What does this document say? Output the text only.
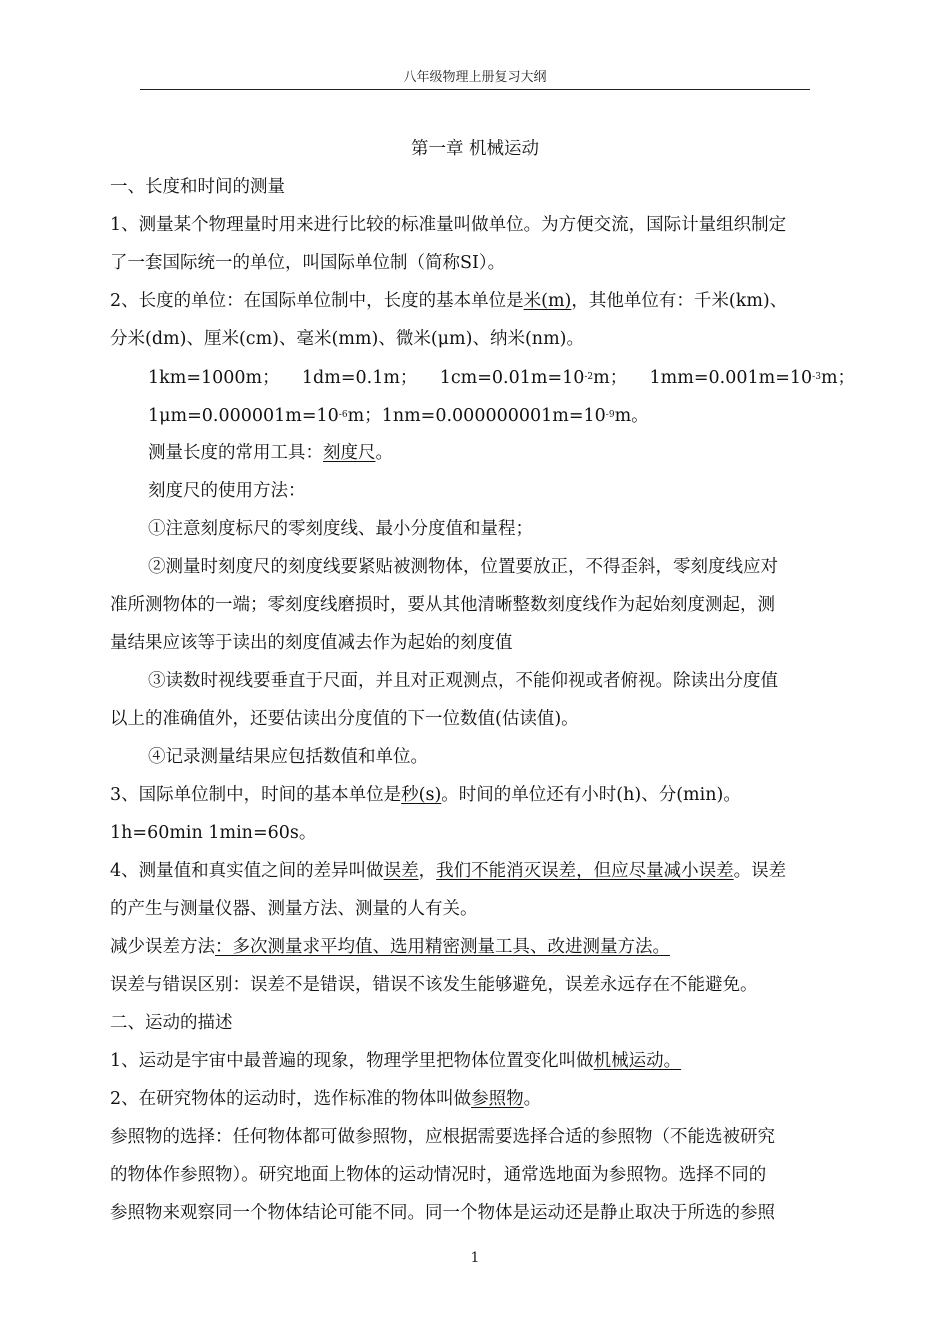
八年级物理上册复习大纲
第一章 机械运动
一、长度和时间的测量
1、测量某个物理量时用来进行比较的标准量叫做单位。为方便交流，国际计量组织制定
了一套国际统一的单位，叫国际单位制（简称SI）。
2、长度的单位：在国际单位制中，长度的基本单位是米(m)，其他单位有：千米(km)、
分米(dm)、厘米(cm)、毫米(mm)、微米(μm)、纳米(nm)。
1km=1000m； 1dm=0.1m； $1cm=0.01m=10^{-2}m$； $1mm=0.001m=10^{-3}m$；
$1\mu m=0.000001m=10^{-6}m$；$1nm=0.000000001m=10^{-9}m$。
测量长度的常用工具：刻度尺。
刻度尺的使用方法：
①注意刻度标尺的零刻度线、最小分度值和量程；
②测量时刻度尺的刻度线要紧贴被测物体，位置要放正，不得歪斜，零刻度线应对
准所测物体的一端；零刻度线磨损时，要从其他清晰整数刻度线作为起始刻度测起，测
量结果应该等于读出的刻度值减去作为起始的刻度值
③读数时视线要垂直于尺面，并且对正观测点，不能仰视或者俯视。除读出分度值
以上的准确值外，还要估读出分度值的下一位数值(估读值)。
④记录测量结果应包括数值和单位。
3、国际单位制中，时间的基本单位是秒(s)。时间的单位还有小时(h)、分(min)。
1h=60min 1min=60s。
4、测量值和真实值之间的差异叫做误差，我们不能消灭误差，但应尽量减小误差。误差
的产生与测量仪器、测量方法、测量的人有关。
减少误差方法：多次测量求平均值、选用精密测量工具、改进测量方法。
误差与错误区别：误差不是错误，错误不该发生能够避免，误差永远存在不能避免。
二、运动的描述
1、运动是宇宙中最普遍的现象，物理学里把物体位置变化叫做机械运动。
2、在研究物体的运动时，选作标准的物体叫做参照物。
参照物的选择：任何物体都可做参照物，应根据需要选择合适的参照物（不能选被研究
的物体作参照物）。研究地面上物体的运动情况时，通常选地面为参照物。选择不同的
参照物来观察同一个物体结论可能不同。同一个物体是运动还是静止取决于所选的参照
1
